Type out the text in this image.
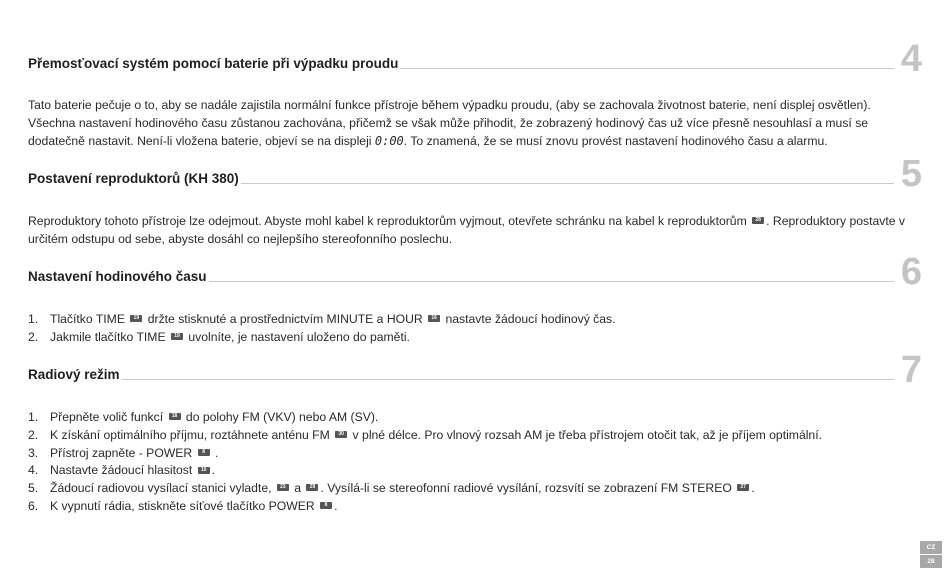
Přemosťovací systém pomocí baterie při výpadku proudu	4
Tato baterie pečuje o to, aby se nadále zajistila normální funkce přístroje během výpadku proudu, (aby se zachovala životnost baterie, není displej osvětlen). Všechna nastavení hodinového času zůstanou zachována, přičemž se však může přihodit, že zobrazený hodinový čas už více přesně nesouhlasí a musí se dodatečně nastavit. Není-li vložena baterie, objeví se na displeji 0:00. To znamená, že se musí znovu provést nastavení hodinového času a alarmu.
Postavení reproduktorů (KH 380)	5
Reproduktory tohoto přístroje lze odejmout. Abyste mohl kabel k reproduktorům vyjmout, otevřete schránku na kabel k reproduktorům 28 . Reproduktory postavte v určitém odstupu od sebe, abyste dosáhl co nejlepšího stereofonního poslechu.
Nastavení hodinového času	6
1. Tlačítko TIME 19 držte stisknuté a prostřednictvím MINUTE a HOUR 16 nastavte žádoucí hodinový čas.
2. Jakmile tlačítko TIME 19 uvolníte, je nastavení uloženo do paměti.
Radiový režim	7
1. Přepněte volič funkcí 18 do polohy FM (VKV) nebo AM (SV).
2. K získání optimálního příjmu, roztáhnete anténu FM 30 v plné délce. Pro vlnový rozsah AM je třeba přístrojem otočit tak, až je příjem optimální.
3. Přístroj zapněte - POWER 8 .
4. Nastavte žádoucí hlasitost 10 .
5. Žádoucí radiovou vysílací stanici vyladte, 23 a 29 . Vysílá-li se stereofonní radiové vysílání, rozsvítí se zobrazení FM STEREO 27 .
6. K vypnutí rádia, stiskněte síťové tlačítko POWER 8 .
CZ
28
